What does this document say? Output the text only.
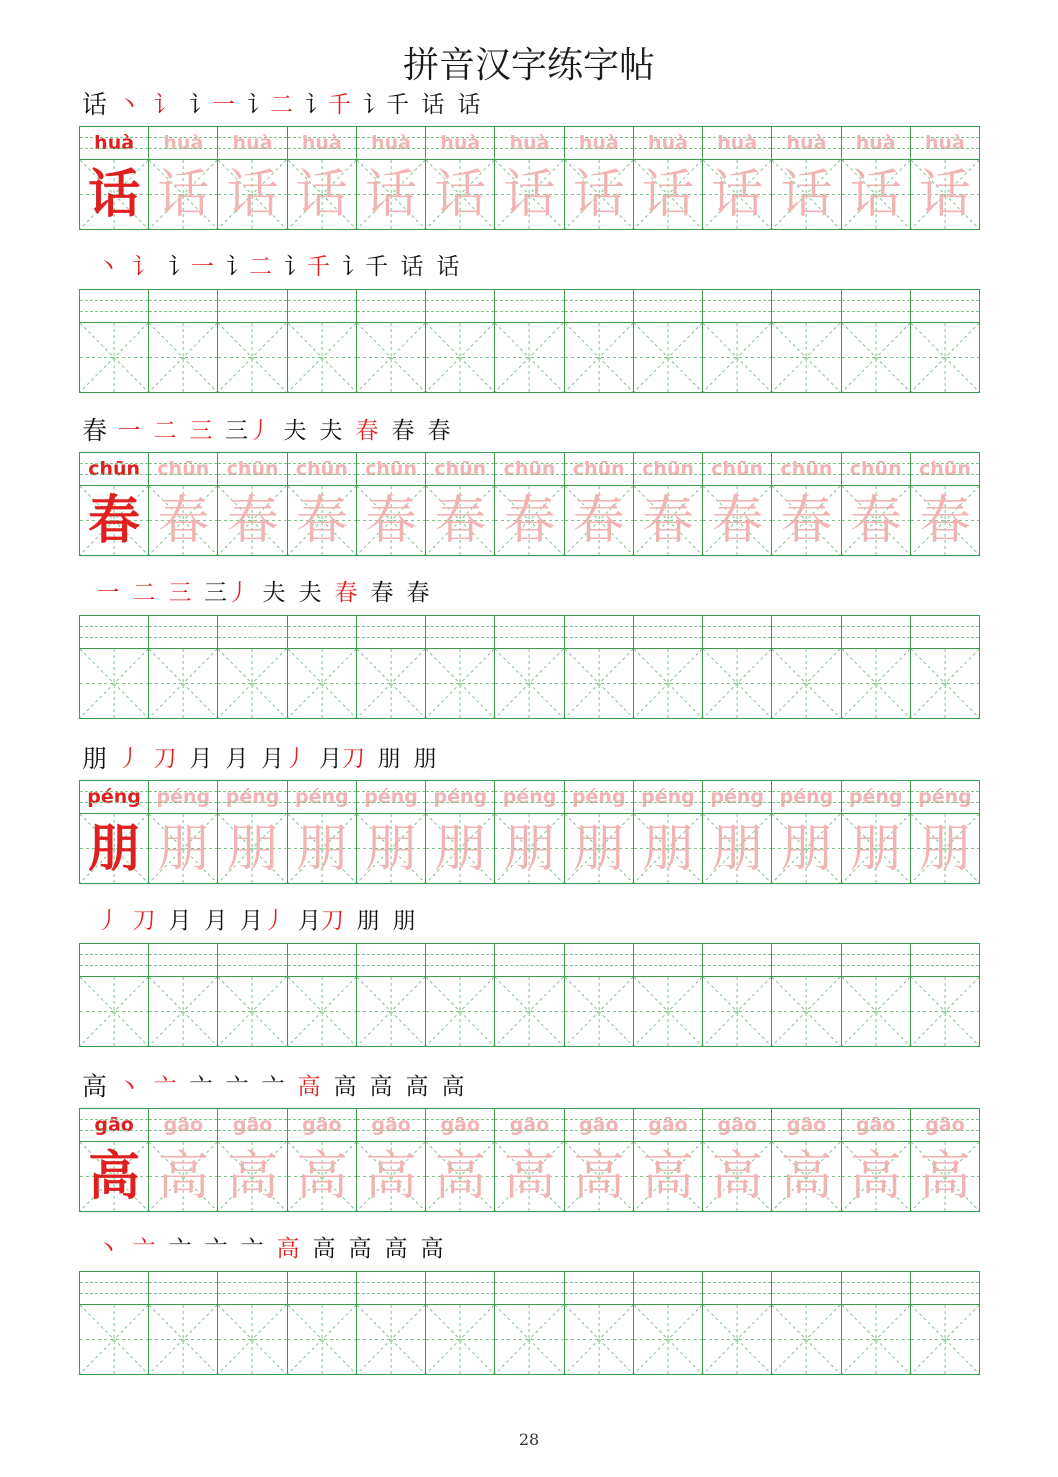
拼音汉字练字帖
话 丶 讠 讠一 讠二 讠千 讠千 话 话
huà
话
huà
话
huà
话
huà
话
huà
话
huà
话
huà
话
huà
话
huà
话
huà
话
huà
话
huà
话
huà
话
丶 讠 讠一 讠二 讠千 讠千 话 话
春 一 二 三 三丿 夫 夫 春 春 春
chūn
春
chūn
春
chūn
春
chūn
春
chūn
春
chūn
春
chūn
春
chūn
春
chūn
春
chūn
春
chūn
春
chūn
春
chūn
春
一 二 三 三丿 夫 夫 春 春 春
朋 丿 刀 月 月 月丿 月刀 朋 朋
péng
朋
péng
朋
péng
朋
péng
朋
péng
朋
péng
朋
péng
朋
péng
朋
péng
朋
péng
朋
péng
朋
péng
朋
péng
朋
丿 刀 月 月 月丿 月刀 朋 朋
高 丶 亠 亠 亠 亠 高 高 高 高 高
gāo
高
gāo
高
gāo
高
gāo
高
gāo
高
gāo
高
gāo
高
gāo
高
gāo
高
gāo
高
gāo
高
gāo
高
gāo
高
丶 亠 亠 亠 亠 高 高 高 高 高
28
